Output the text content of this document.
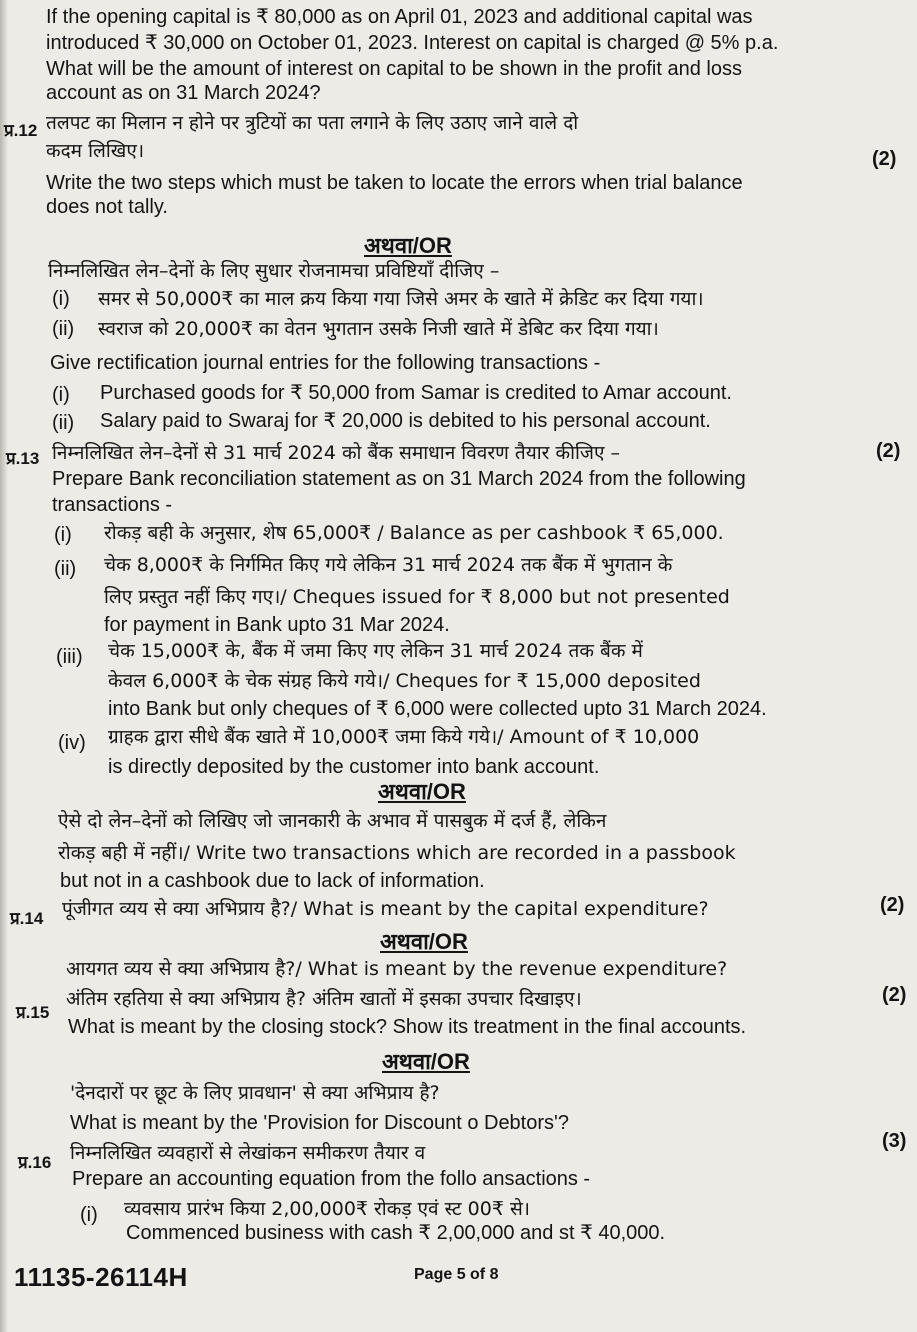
If the opening capital is ₹ 80,000 as on April 01, 2023 and additional capital was
introduced ₹ 30,000 on October 01, 2023. Interest on capital is charged @ 5% p.a.
What will be the amount of interest on capital to be shown in the profit and loss
account as on 31 March 2024?
प्र.12 तलपट का मिलान न होने पर त्रुटियों का पता लगाने के लिए उठाए जाने वाले दो
कदम लिखिए।	(2)
Write the two steps which must be taken to locate the errors when trial balance
does not tally.
अथवा/OR
निम्नलिखित लेन–देनों के लिए सुधार रोजनामचा प्रविष्टियाँ दीजिए –
(i) समर से 50,000₹ का माल क्रय किया गया जिसे अमर के खाते में क्रेडिट कर दिया गया।
(ii) स्वराज को 20,000₹ का वेतन भुगतान उसके निजी खाते में डेबिट कर दिया गया।
Give rectification journal entries for the following transactions -
(i) Purchased goods for ₹ 50,000 from Samar is credited to Amar account.
(ii) Salary paid to Swaraj for ₹ 20,000 is debited to his personal account.
प्र.13 निम्नलिखित लेन–देनों से 31 मार्च 2024 को बैंक समाधान विवरण तैयार कीजिए –	(2)
Prepare Bank reconciliation statement as on 31 March 2024 from the following
transactions -
(i) रोकड़ बही के अनुसार, शेष 65,000₹ / Balance as per cashbook ₹ 65,000.
(ii) चेक 8,000₹ के निर्गमित किए गये लेकिन 31 मार्च 2024 तक बैंक में भुगतान के
लिए प्रस्तुत नहीं किए गए।/ Cheques issued for ₹ 8,000 but not presented
for payment in Bank upto 31 Mar 2024.
(iii) चेक 15,000₹ के, बैंक में जमा किए गए लेकिन 31 मार्च 2024 तक बैंक में
केवल 6,000₹ के चेक संग्रह किये गये।/ Cheques for ₹ 15,000 deposited
into Bank but only cheques of ₹ 6,000 were collected upto 31 March 2024.
(iv) ग्राहक द्वारा सीधे बैंक खाते में 10,000₹ जमा किये गये।/ Amount of ₹ 10,000
is directly deposited by the customer into bank account.
अथवा/OR
ऐसे दो लेन–देनों को लिखिए जो जानकारी के अभाव में पासबुक में दर्ज हैं, लेकिन
रोकड़ बही में नहीं।/ Write two transactions which are recorded in a passbook
but not in a cashbook due to lack of information.
प्र.14 पूंजीगत व्यय से क्या अभिप्राय है?/ What is meant by the capital expenditure?	(2)
अथवा/OR
आयगत व्यय से क्या अभिप्राय है?/ What is meant by the revenue expenditure?
प्र.15
अंतिम रहतिया से क्या अभिप्राय है? अंतिम खातों में इसका उपचार दिखाइए।	(2)
What is meant by the closing stock? Show its treatment in the final accounts.
अथवा/OR
'देनदारों पर छूट के लिए प्रावधान' से क्या अभिप्राय है?
What is meant by the 'Provision for Discount o Debtors'?
प्र.16 निम्नलिखित व्यवहारों से लेखांकन समीकरण तैयार व
(3)
Prepare an accounting equation from the follo ansactions -
(i) व्यवसाय प्रारंभ किया 2,00,000₹ रोकड़ एवं स्ट 00₹ से।
Commenced business with cash ₹ 2,00,000 and st ₹ 40,000.
11135-26114H	Page 5 of 8
